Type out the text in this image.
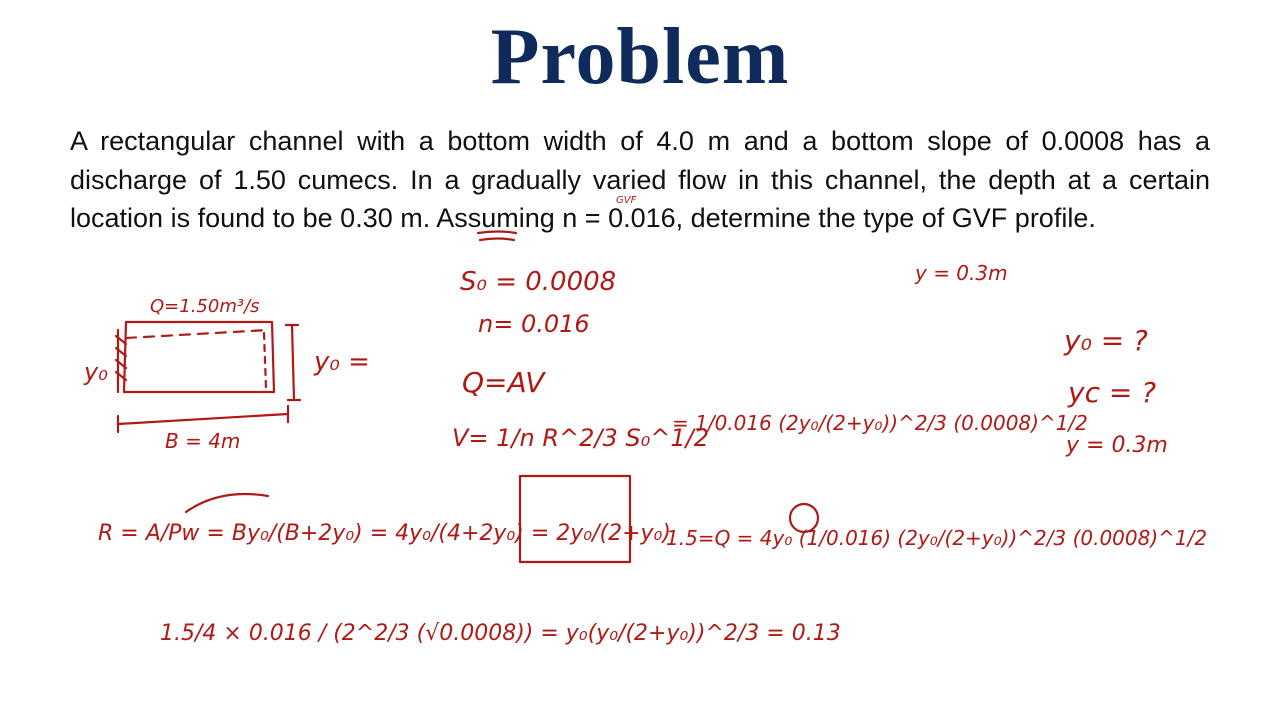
Problem

A rectangular channel with a bottom width of 4.0 m and a bottom slope of 0.0008 has a discharge of 1.50 cumecs. In a gradually varied flow in this channel, the depth at a certain location is found to be 0.30 m. Assuming n = 0.016, determine the type of GVF profile.

GVF
S₀ = 0.0008
n= 0.016
y = 0.3m
Q=1.50m³/s
y₀	y₀ =
B = 4m
Q=AV
V= 1/n R^2/3 S₀^1/2
= 1/0.016 (2y₀/(2+y₀))^2/3 (0.0008)^1/2
y₀ = ?
yc = ?
y = 0.3m
R = A/Pw = By₀/(B+2y₀) = 4y₀/(4+2y₀) = 2y₀/(2+y₀)
1.5=Q = 4y₀ (1/0.016) (2y₀/(2+y₀))^2/3 (0.0008)^1/2
1.5/4 × 0.016 / (2^2/3 (√0.0008)) = y₀(y₀/(2+y₀))^2/3 = 0.13
